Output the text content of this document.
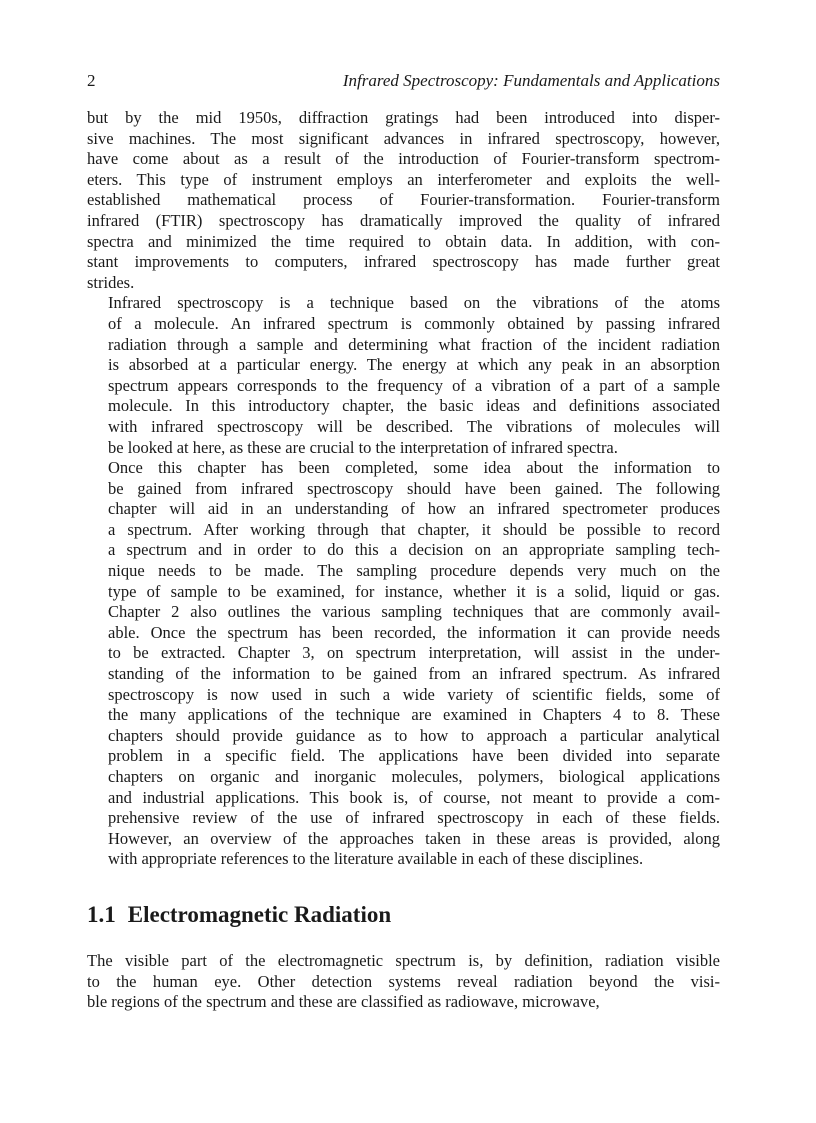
2	Infrared Spectroscopy: Fundamentals and Applications

but by the mid 1950s, diffraction gratings had been introduced into disper-
sive machines. The most significant advances in infrared spectroscopy, however,
have come about as a result of the introduction of Fourier-transform spectrom-
eters. This type of instrument employs an interferometer and exploits the well-
established mathematical process of Fourier-transformation. Fourier-transform
infrared (FTIR) spectroscopy has dramatically improved the quality of infrared
spectra and minimized the time required to obtain data. In addition, with con-
stant improvements to computers, infrared spectroscopy has made further great
strides.

Infrared spectroscopy is a technique based on the vibrations of the atoms
of a molecule. An infrared spectrum is commonly obtained by passing infrared
radiation through a sample and determining what fraction of the incident radiation
is absorbed at a particular energy. The energy at which any peak in an absorption
spectrum appears corresponds to the frequency of a vibration of a part of a sample
molecule. In this introductory chapter, the basic ideas and definitions associated
with infrared spectroscopy will be described. The vibrations of molecules will
be looked at here, as these are crucial to the interpretation of infrared spectra.

Once this chapter has been completed, some idea about the information to
be gained from infrared spectroscopy should have been gained. The following
chapter will aid in an understanding of how an infrared spectrometer produces
a spectrum. After working through that chapter, it should be possible to record
a spectrum and in order to do this a decision on an appropriate sampling tech-
nique needs to be made. The sampling procedure depends very much on the
type of sample to be examined, for instance, whether it is a solid, liquid or gas.
Chapter 2 also outlines the various sampling techniques that are commonly avail-
able. Once the spectrum has been recorded, the information it can provide needs
to be extracted. Chapter 3, on spectrum interpretation, will assist in the under-
standing of the information to be gained from an infrared spectrum. As infrared
spectroscopy is now used in such a wide variety of scientific fields, some of
the many applications of the technique are examined in Chapters 4 to 8. These
chapters should provide guidance as to how to approach a particular analytical
problem in a specific field. The applications have been divided into separate
chapters on organic and inorganic molecules, polymers, biological applications
and industrial applications. This book is, of course, not meant to provide a com-
prehensive review of the use of infrared spectroscopy in each of these fields.
However, an overview of the approaches taken in these areas is provided, along
with appropriate references to the literature available in each of these disciplines.

1.1 Electromagnetic Radiation

The visible part of the electromagnetic spectrum is, by definition, radiation visible
to the human eye. Other detection systems reveal radiation beyond the visi-
ble regions of the spectrum and these are classified as radiowave, microwave,
